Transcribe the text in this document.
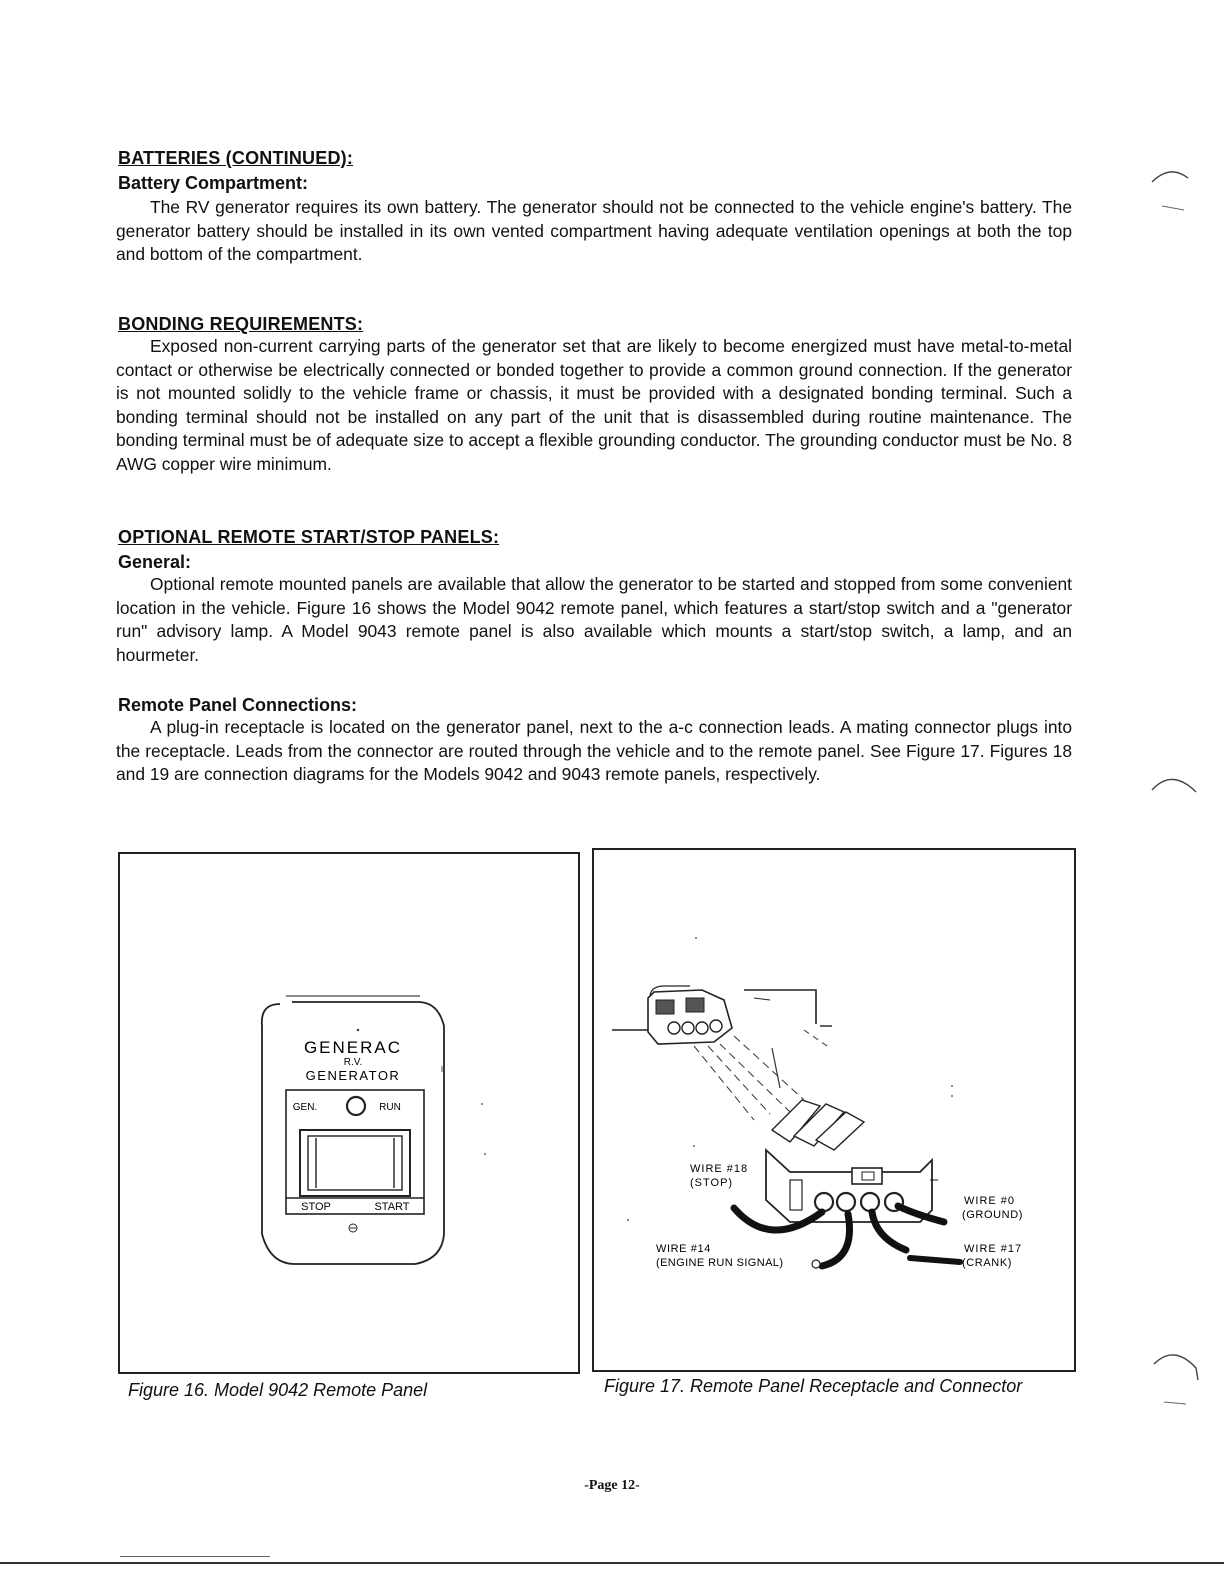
BATTERIES (CONTINUED):
Battery Compartment:

The RV generator requires its own battery. The generator should not be connected to the vehicle engine's battery. The generator battery should be installed in its own vented compartment having adequate ventilation openings at both the top and bottom of the compartment.

BONDING REQUIREMENTS:

Exposed non-current carrying parts of the generator set that are likely to become energized must have metal-to-metal contact or otherwise be electrically connected or bonded together to provide a common ground connection. If the generator is not mounted solidly to the vehicle frame or chassis, it must be provided with a designated bonding terminal. Such a bonding terminal should not be installed on any part of the unit that is disassembled during routine maintenance. The bonding terminal must be of adequate size to accept a flexible grounding conductor. The grounding conductor must be No. 8 AWG copper wire minimum.

OPTIONAL REMOTE START/STOP PANELS:
General:

Optional remote mounted panels are available that allow the generator to be started and stopped from some convenient location in the vehicle. Figure 16 shows the Model 9042 remote panel, which features a start/stop switch and a "generator run" advisory lamp. A Model 9043 remote panel is also available which mounts a start/stop switch, a lamp, and an hourmeter.

Remote Panel Connections:

A plug-in receptacle is located on the generator panel, next to the a-c connection leads. A mating connector plugs into the receptacle. Leads from the connector are routed through the vehicle and to the remote panel. See Figure 17. Figures 18 and 19 are connection diagrams for the Models 9042 and 9043 remote panels, respectively.

GENERAC
R.V.
GENERATOR
GEN.	RUN
STOP	START

Figure 16. Model 9042 Remote Panel

WIRE #18
(STOP)
WIRE #14
(ENGINE RUN SIGNAL)
WIRE #0
(GROUND)
WIRE #17
(CRANK)

Figure 17. Remote Panel Receptacle and Connector

-Page 12-
